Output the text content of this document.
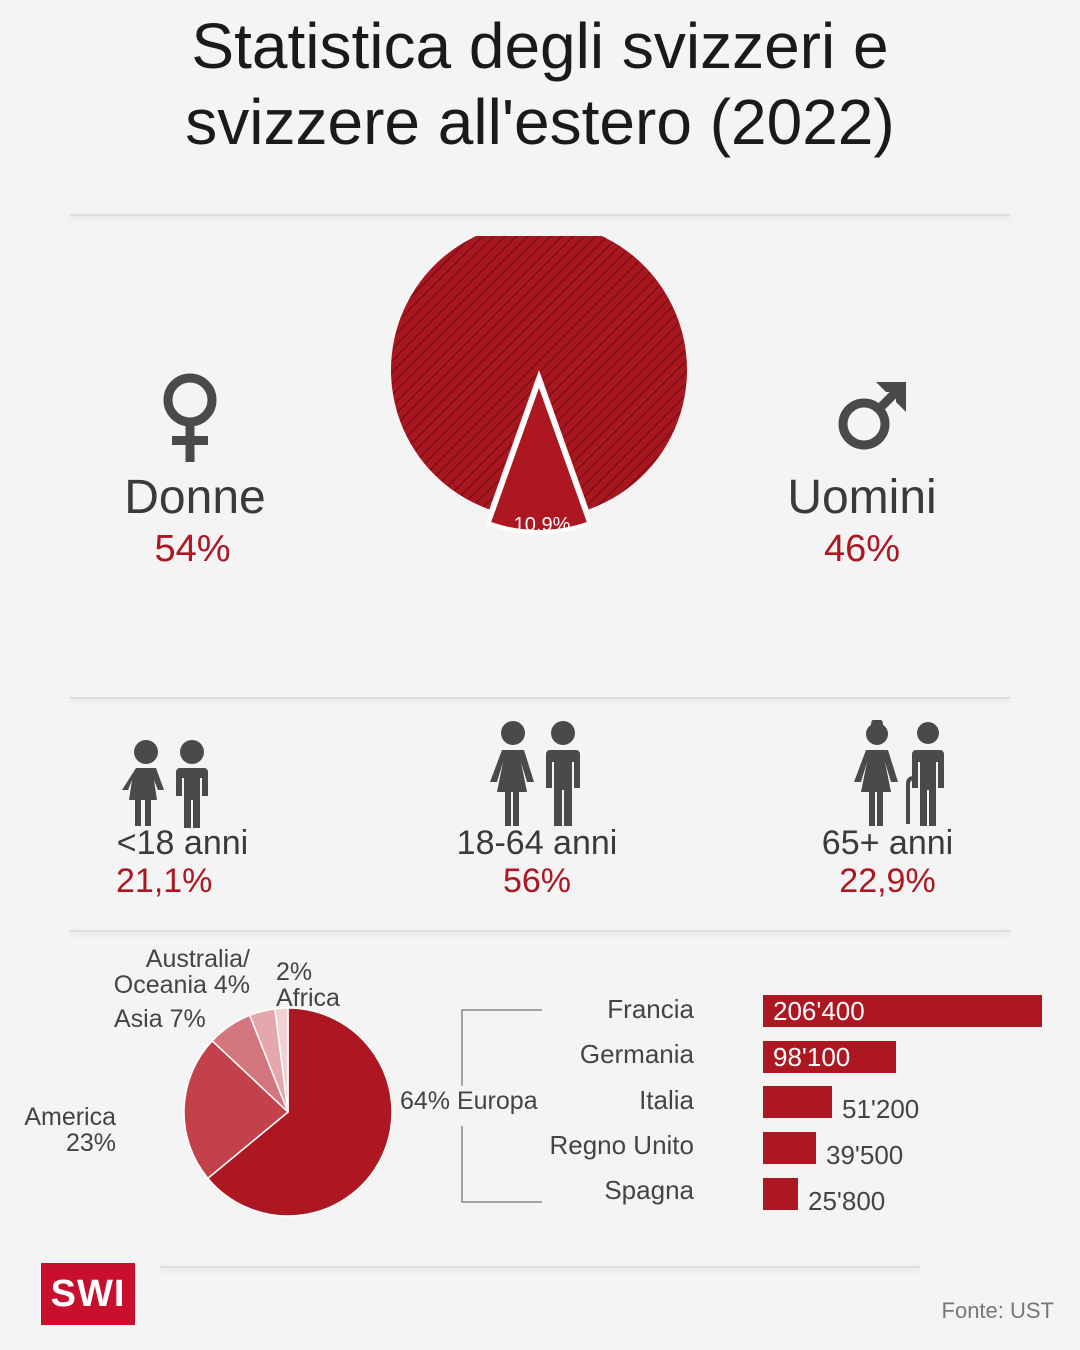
Statistica degli svizzeri e
svizzere all'estero (2022)
Donne
54%
Uomini
46%
10,9%
<18 anni
21,1%
18-64 anni
56%
65+ anni
22,9%
Australia/
Oceania 4% 2%
Africa
Asia 7%
America
23%
64% Europa
Francia
Germania
Italia
Regno Unito
Spagna
206'400
98'100
51'200
39'500
25'800
SWI	Fonte: UST
